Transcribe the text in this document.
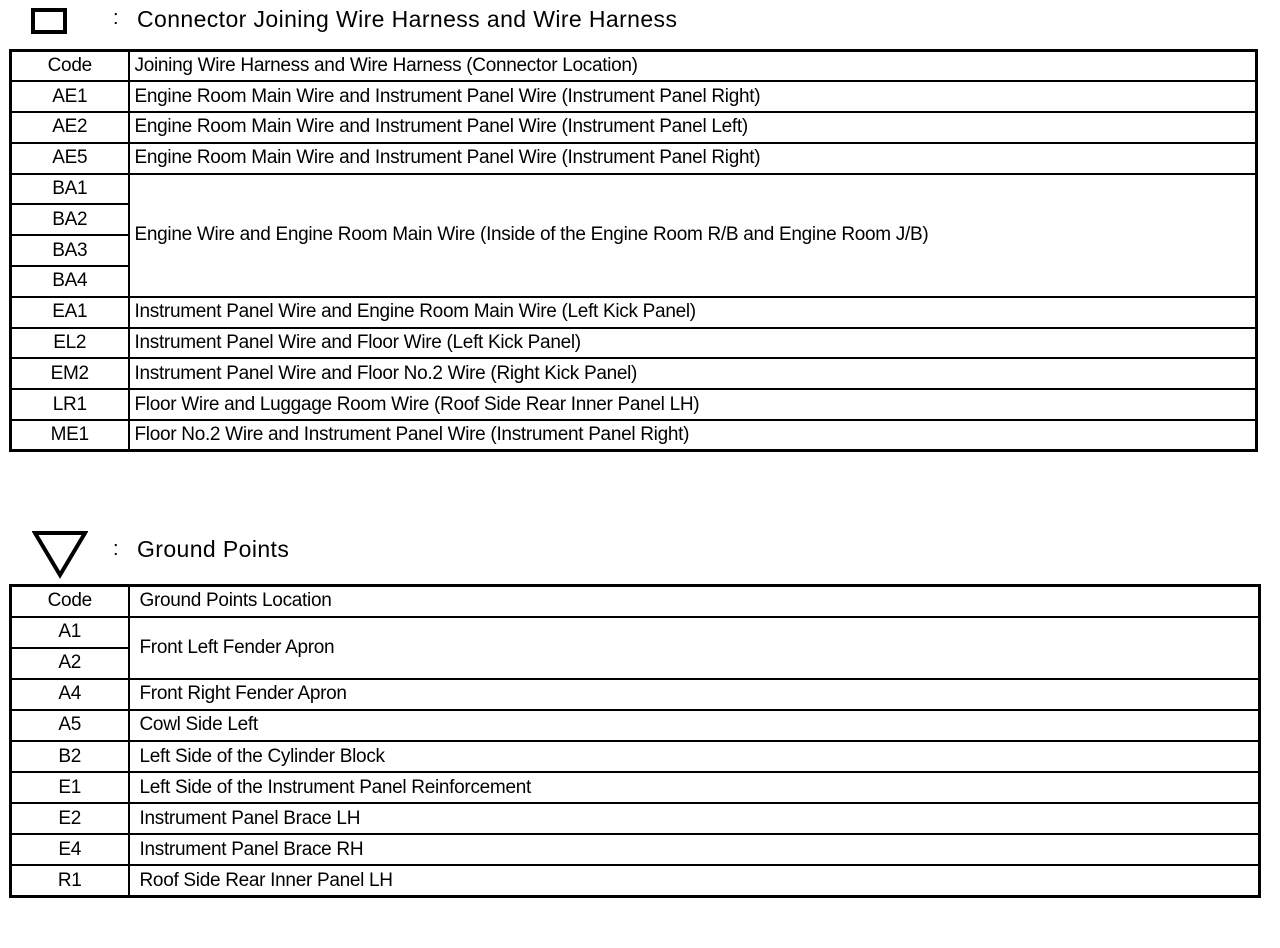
: Connector Joining Wire Harness and Wire Harness
Code	Joining Wire Harness and Wire Harness (Connector Location)
AE1	Engine Room Main Wire and Instrument Panel Wire (Instrument Panel Right)
AE2	Engine Room Main Wire and Instrument Panel Wire (Instrument Panel Left)
AE5	Engine Room Main Wire and Instrument Panel Wire (Instrument Panel Right)
BA1	Engine Wire and Engine Room Main Wire (Inside of the Engine Room R/B and Engine Room J/B)
BA2	
BA3	
BA4	
EA1	Instrument Panel Wire and Engine Room Main Wire (Left Kick Panel)
EL2	Instrument Panel Wire and Floor Wire (Left Kick Panel)
EM2	Instrument Panel Wire and Floor No.2 Wire (Right Kick Panel)
LR1	Floor Wire and Luggage Room Wire (Roof Side Rear Inner Panel LH)
ME1	Floor No.2 Wire and Instrument Panel Wire (Instrument Panel Right)
: Ground Points
Code	Ground Points Location
A1	Front Left Fender Apron
A2	
A4	Front Right Fender Apron
A5	Cowl Side Left
B2	Left Side of the Cylinder Block
E1	Left Side of the Instrument Panel Reinforcement
E2	Instrument Panel Brace LH
E4	Instrument Panel Brace RH
R1	Roof Side Rear Inner Panel LH
